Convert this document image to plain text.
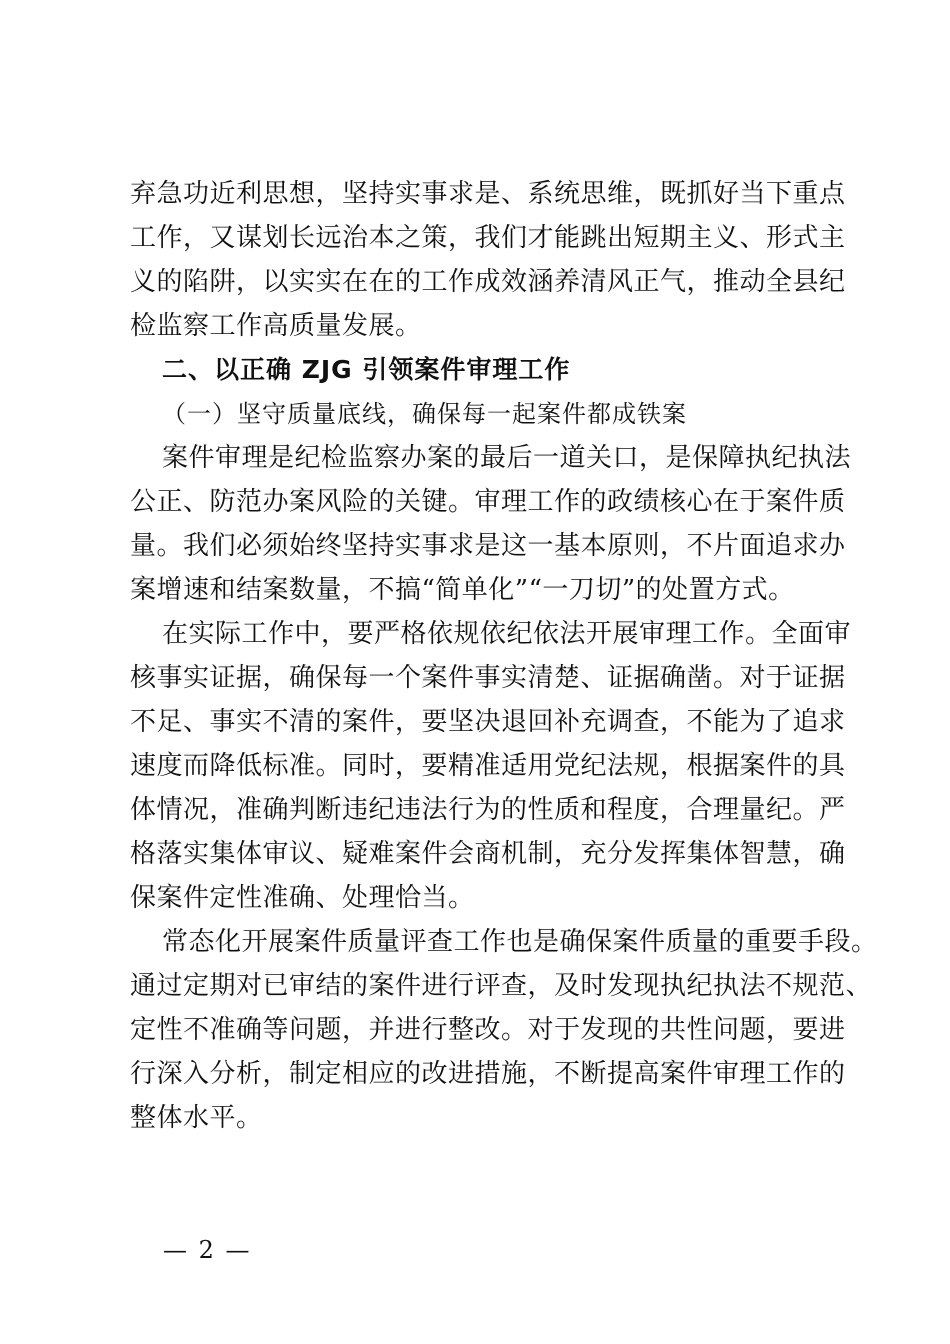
弃急功近利思想，坚持实事求是、系统思维，既抓好当下重点
工作，又谋划长远治本之策，我们才能跳出短期主义、形式主
义的陷阱，以实实在在的工作成效涵养清风正气，推动全县纪
检监察工作高质量发展。
二、以正确 ZJG 引领案件审理工作
（一）坚守质量底线，确保每一起案件都成铁案
案件审理是纪检监察办案的最后一道关口，是保障执纪执法
公正、防范办案风险的关键。审理工作的政绩核心在于案件质
量。我们必须始终坚持实事求是这一基本原则，不片面追求办
案增速和结案数量，不搞“简单化”“一刀切”的处置方式。
在实际工作中，要严格依规依纪依法开展审理工作。全面审
核事实证据，确保每一个案件事实清楚、证据确凿。对于证据
不足、事实不清的案件，要坚决退回补充调查，不能为了追求
速度而降低标准。同时，要精准适用党纪法规，根据案件的具
体情况，准确判断违纪违法行为的性质和程度，合理量纪。严
格落实集体审议、疑难案件会商机制，充分发挥集体智慧，确
保案件定性准确、处理恰当。
常态化开展案件质量评查工作也是确保案件质量的重要手段。
通过定期对已审结的案件进行评查，及时发现执纪执法不规范、
定性不准确等问题，并进行整改。对于发现的共性问题，要进
行深入分析，制定相应的改进措施，不断提高案件审理工作的
整体水平。
— 2 —
